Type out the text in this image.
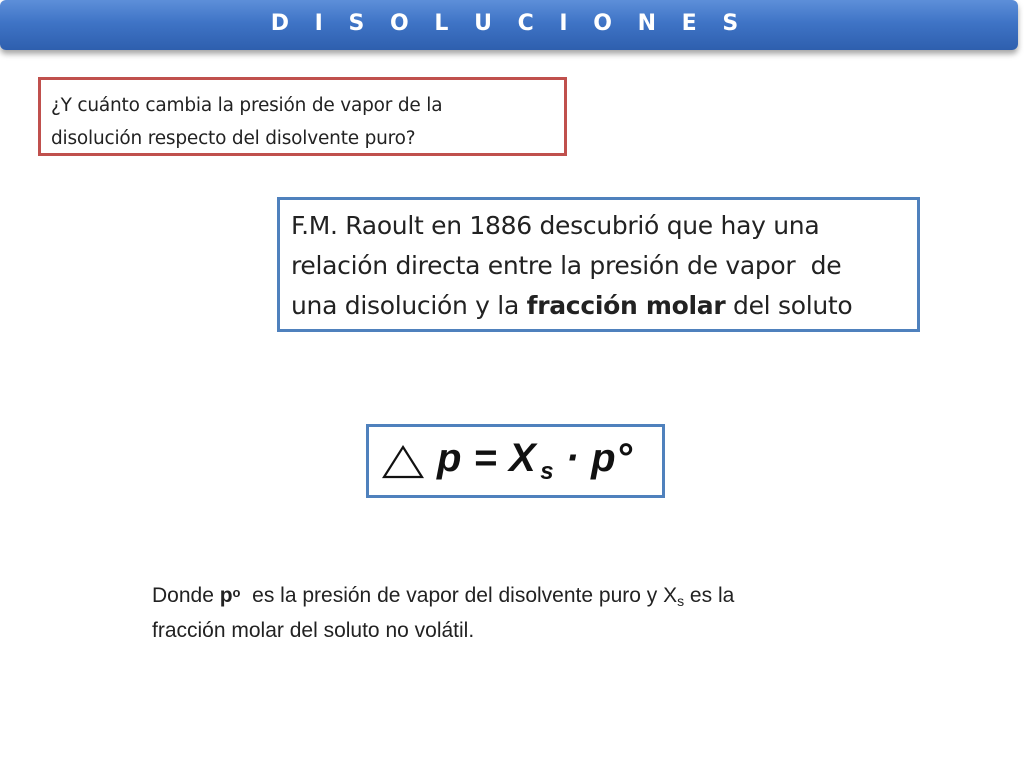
D I S O L U C I O N E S
¿Y cuánto cambia la presión de vapor de la
disolución respecto del disolvente puro?
F.M. Raoult en 1886 descubrió que hay una
relación directa entre la presión de vapor  de
una disolución y la fracción molar del soluto
p = X $_s$ · p°
Donde $p^o$  es la presión de vapor del disolvente puro y $X_s$ es la
fracción molar del soluto no volátil.
